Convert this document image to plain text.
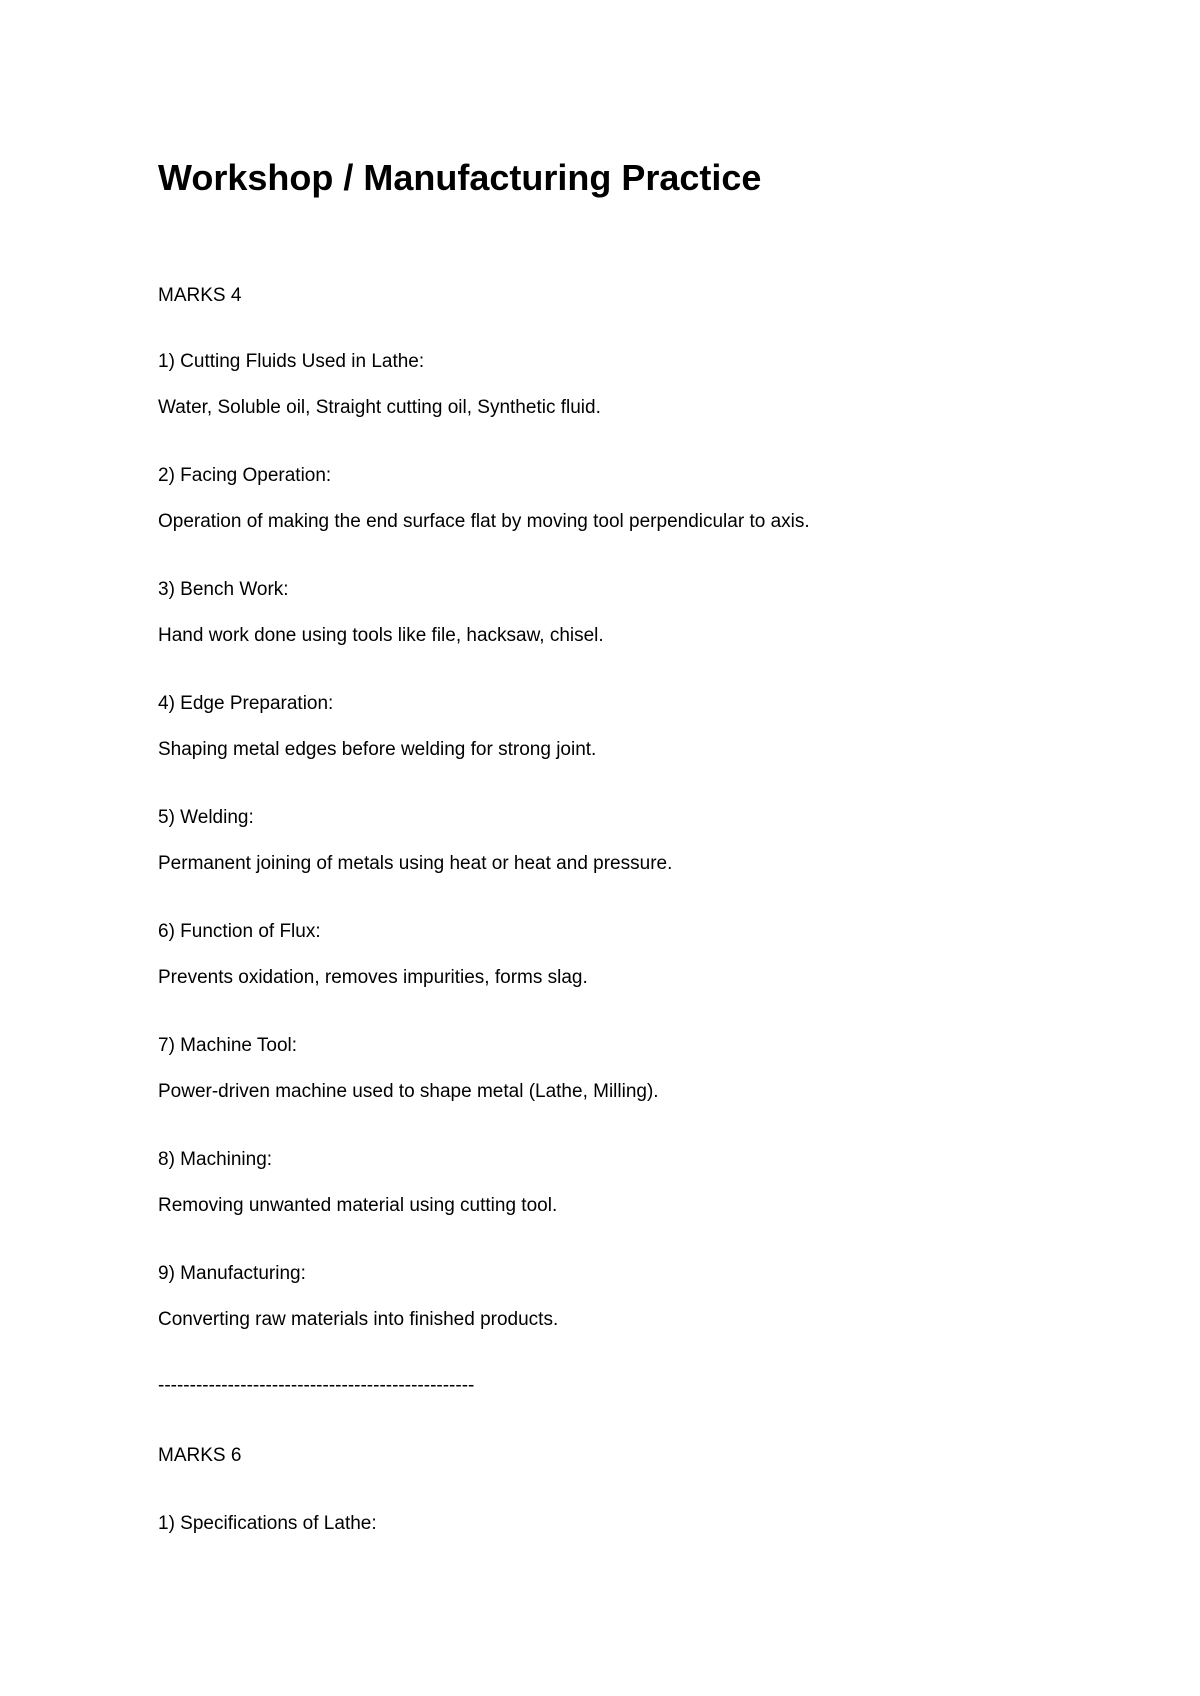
Workshop / Manufacturing Practice

MARKS 4

1) Cutting Fluids Used in Lathe:

Water, Soluble oil, Straight cutting oil, Synthetic fluid.

2) Facing Operation:

Operation of making the end surface flat by moving tool perpendicular to axis.

3) Bench Work:

Hand work done using tools like file, hacksaw, chisel.

4) Edge Preparation:

Shaping metal edges before welding for strong joint.

5) Welding:

Permanent joining of metals using heat or heat and pressure.

6) Function of Flux:

Prevents oxidation, removes impurities, forms slag.

7) Machine Tool:

Power-driven machine used to shape metal (Lathe, Milling).

8) Machining:

Removing unwanted material using cutting tool.

9) Manufacturing:

Converting raw materials into finished products.

--------------------------------------------------

MARKS 6

1) Specifications of Lathe:
